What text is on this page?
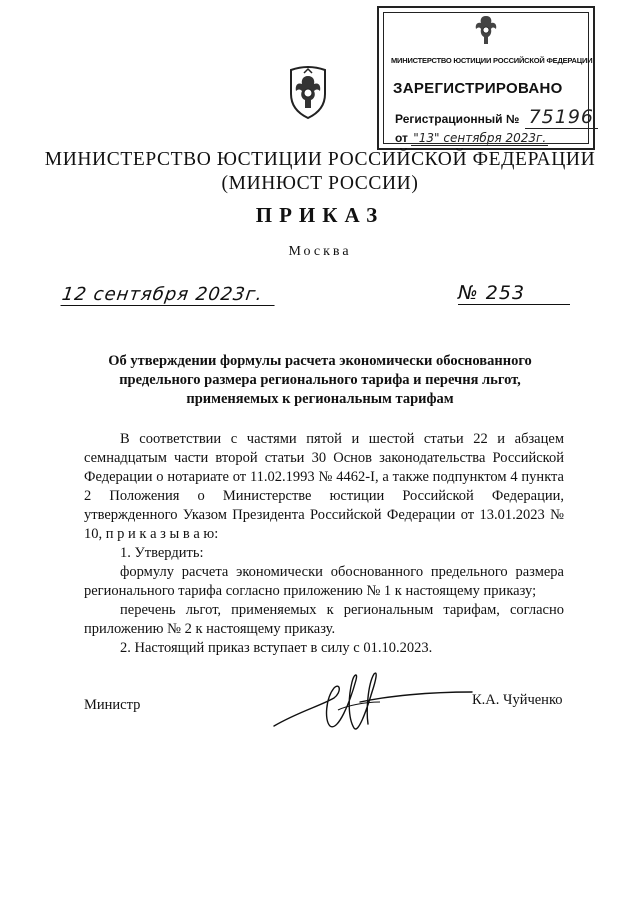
МИНИСТЕРСТВО ЮСТИЦИИ РОССИЙСКОЙ ФЕДЕРАЦИИ
ЗАРЕГИСТРИРОВАНО
Регистрационный № 75196
от "13" сентября 2023г.
МИНИСТЕРСТВО ЮСТИЦИИ РОССИЙСКОЙ ФЕДЕРАЦИИ
(МИНЮСТ РОССИИ)
ПРИКАЗ
Москва
12 сентября 2023г.	№ 253
Об утверждении формулы расчета экономически обоснованного
предельного размера регионального тарифа и перечня льгот,
применяемых к региональным тарифам

В соответствии с частями пятой и шестой статьи 22 и абзацем семнадцатым части второй статьи 30 Основ законодательства Российской Федерации о нотариате от 11.02.1993 № 4462-I, а также подпунктом 4 пункта 2 Положения о Министерстве юстиции Российской Федерации, утвержденного Указом Президента Российской Федерации от 13.01.2023 № 10, п р и к а з ы в а ю:

1. Утвердить:

формулу расчета экономически обоснованного предельного размера регионального тарифа согласно приложению № 1 к настоящему приказу;

перечень льгот, применяемых к региональным тарифам, согласно приложению № 2 к настоящему приказу.

2. Настоящий приказ вступает в силу с 01.10.2023.

Министр	К.А. Чуйченко
